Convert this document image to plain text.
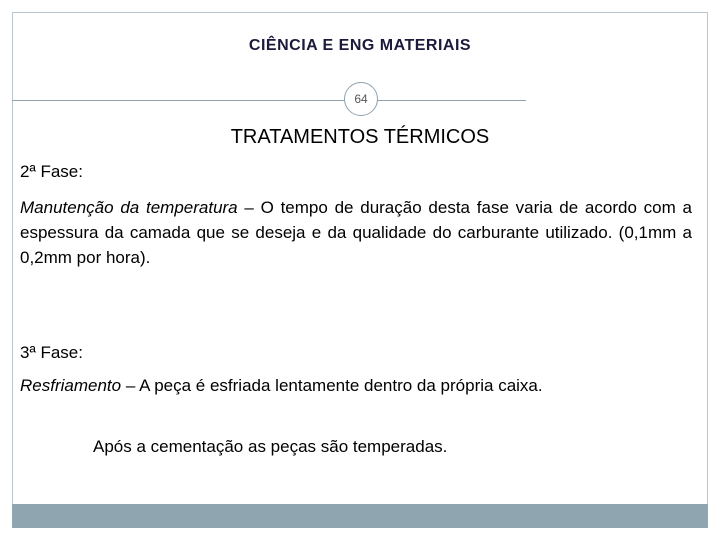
CIÊNCIA E ENG MATERIAIS
64
TRATAMENTOS TÉRMICOS
2ª Fase:
Manutenção da temperatura – O tempo de duração desta fase varia de acordo com a espessura da camada que se deseja e da qualidade do carburante utilizado. (0,1mm a 0,2mm por hora).
3ª Fase:
Resfriamento – A peça é esfriada lentamente dentro da própria caixa.
Após a cementação as peças são temperadas.
